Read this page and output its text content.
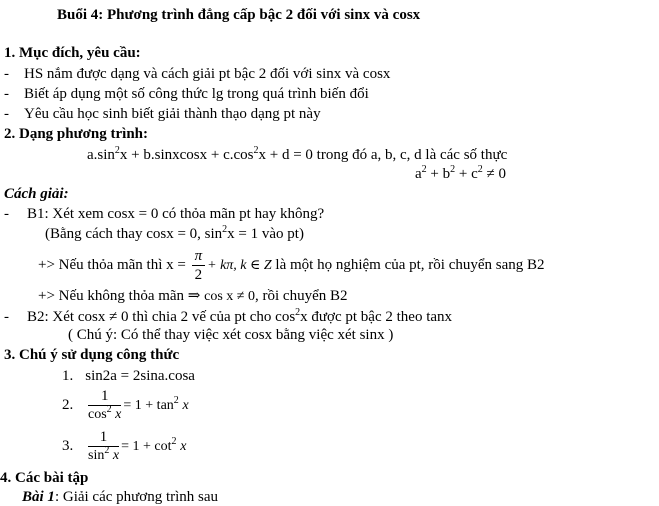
Buổi 4: Phương trình đẳng cấp bậc 2 đối với sinx và cosx
1. Mục đích, yêu cầu:
- HS nắm được dạng và cách giải pt bậc 2 đối với sinx và cosx
- Biết áp dụng một số công thức lg trong quá trình biến đổi
- Yêu cầu học sinh biết giải thành thạo dạng pt này
2. Dạng phương trình:
$a.\sin^2x$ + b.sinxcosx + $c.\cos^2x + d = 0$ trong đó a, b, c, d là các số thực
$a^2 + b^2 + c^2 \ne 0$
Cách giải:
- B1: Xét xem cosx = 0 có thỏa mãn pt hay không?
(Bằng cách thay cosx = 0, $\sin^2x = 1$ vào pt)
+> Nếu thỏa mãn thì $x = \frac{\pi}{2} + k\pi$, k ∈ Z là một họ nghiệm của pt, rồi chuyển sang B2
+> Nếu không thỏa mãn ⇒ cos x ≠ 0, rồi chuyển B2
- B2: Xét cosx ≠ 0 thì chia 2 vế của pt cho $\cos^2x$ được pt bậc 2 theo tanx
( Chú ý: Có thể thay việc xét cosx bằng việc xét sinx )
3. Chú ý sử dụng công thức
1. sin2a = 2sina.cosa
2. $\frac{1}{\cos^2 x} = 1 + \tan^2 x$
3. $\frac{1}{\sin^2 x} = 1 + \cot^2 x$
4. Các bài tập
Bài 1: Giải các phương trình sau
